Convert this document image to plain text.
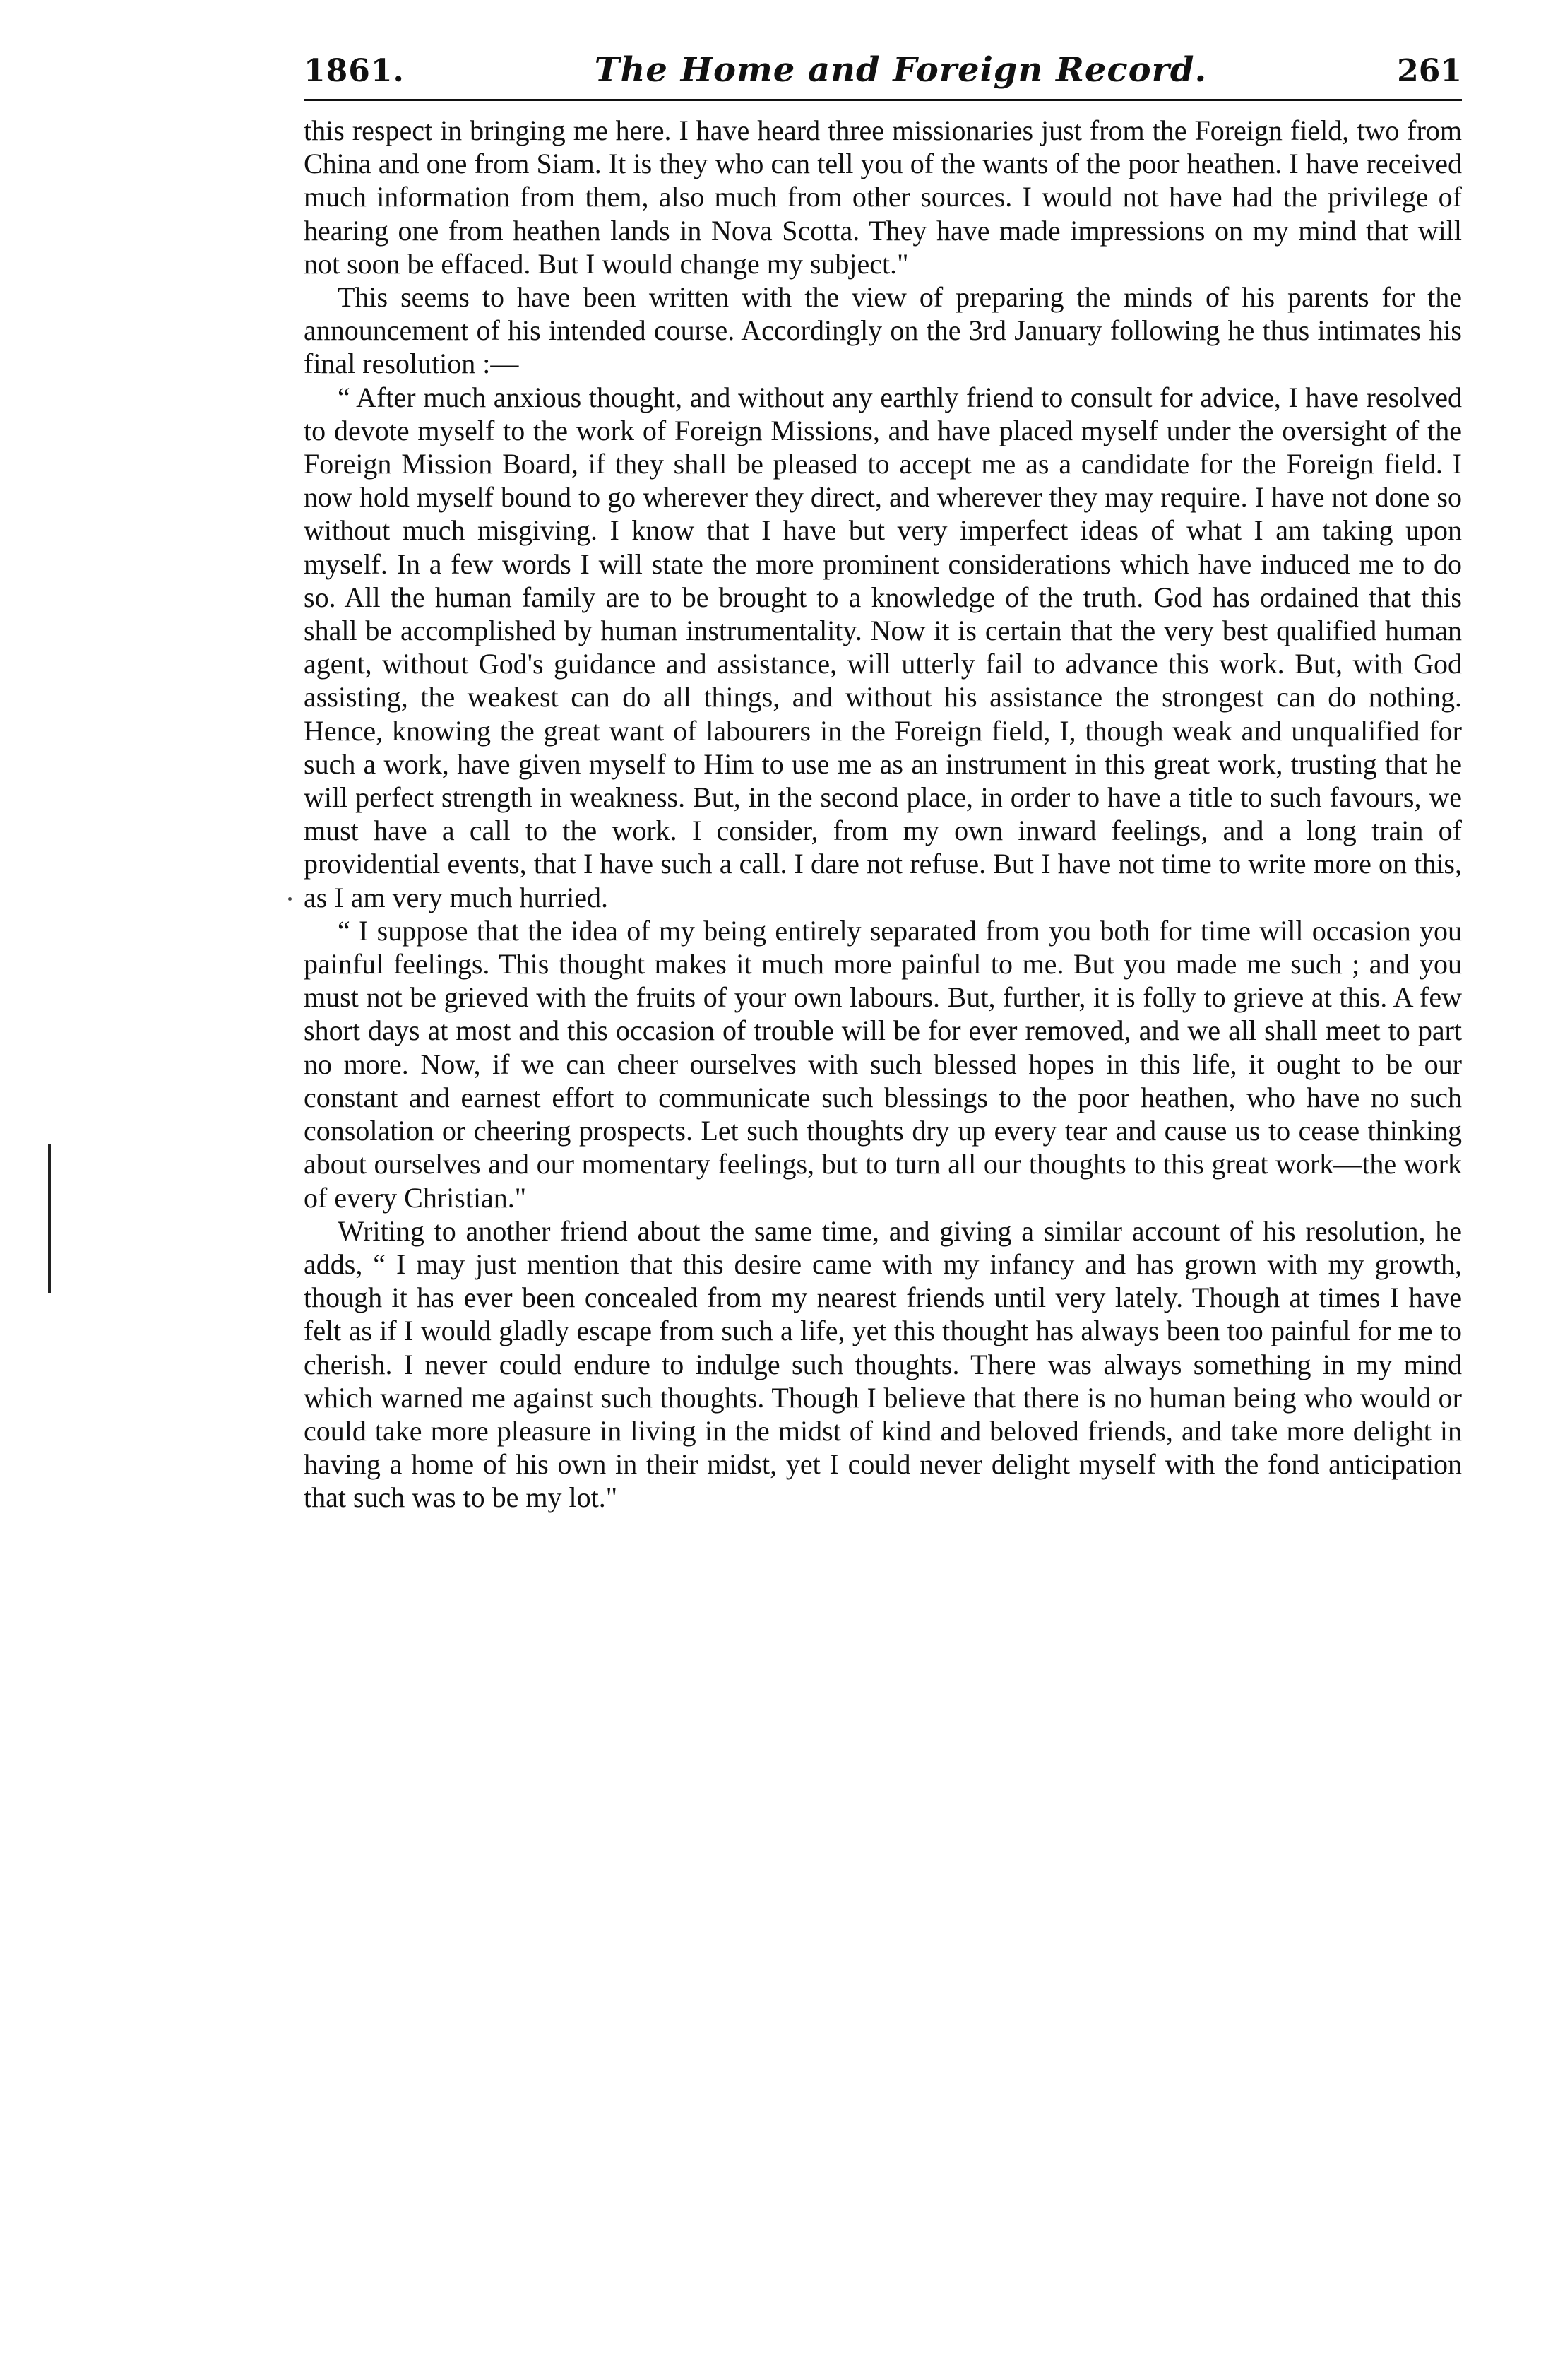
1861.	The Home and Foreign Record.	261

this respect in bringing me here. I have heard three missionaries just from the Foreign field, two from China and one from Siam. It is they who can tell you of the wants of the poor heathen. I have received much information from them, also much from other sources. I would not have had the privilege of hearing one from heathen lands in Nova Scotta. They have made impressions on my mind that will not soon be effaced. But I would change my subject."

This seems to have been written with the view of preparing the minds of his parents for the announcement of his intended course. Accordingly on the 3rd January following he thus intimates his final resolution :—

“ After much anxious thought, and without any earthly friend to consult for advice, I have resolved to devote myself to the work of Foreign Missions, and have placed myself under the oversight of the Foreign Mission Board, if they shall be pleased to accept me as a candidate for the Foreign field. I now hold myself bound to go wherever they direct, and wherever they may require. I have not done so without much misgiving. I know that I have but very imperfect ideas of what I am taking upon myself. In a few words I will state the more prominent considerations which have induced me to do so. All the human family are to be brought to a knowledge of the truth. God has ordained that this shall be accomplished by human instrumentality. Now it is certain that the very best qualified human agent, without God's guidance and assistance, will utterly fail to advance this work. But, with God assisting, the weakest can do all things, and without his assistance the strongest can do nothing. Hence, knowing the great want of labourers in the Foreign field, I, though weak and unqualified for such a work, have given myself to Him to use me as an instrument in this great work, trusting that he will perfect strength in weakness. But, in the second place, in order to have a title to such favours, we must have a call to the work. I consider, from my own inward feelings, and a long train of providential events, that I have such a call. I dare not refuse. But I have not time to write more on this, as I am very much hurried.

“ I suppose that the idea of my being entirely separated from you both for time will occasion you painful feelings. This thought makes it much more painful to me. But you made me such ; and you must not be grieved with the fruits of your own labours. But, further, it is folly to grieve at this. A few short days at most and this occasion of trouble will be for ever removed, and we all shall meet to part no more. Now, if we can cheer ourselves with such blessed hopes in this life, it ought to be our constant and earnest effort to communicate such blessings to the poor heathen, who have no such consolation or cheering prospects. Let such thoughts dry up every tear and cause us to cease thinking about ourselves and our momentary feelings, but to turn all our thoughts to this great work—the work of every Christian."

Writing to another friend about the same time, and giving a similar account of his resolution, he adds, “ I may just mention that this desire came with my infancy and has grown with my growth, though it has ever been concealed from my nearest friends until very lately. Though at times I have felt as if I would gladly escape from such a life, yet this thought has always been too painful for me to cherish. I never could endure to indulge such thoughts. There was always something in my mind which warned me against such thoughts. Though I believe that there is no human being who would or could take more pleasure in living in the midst of kind and beloved friends, and take more delight in having a home of his own in their midst, yet I could never delight myself with the fond anticipation that such was to be my lot."
